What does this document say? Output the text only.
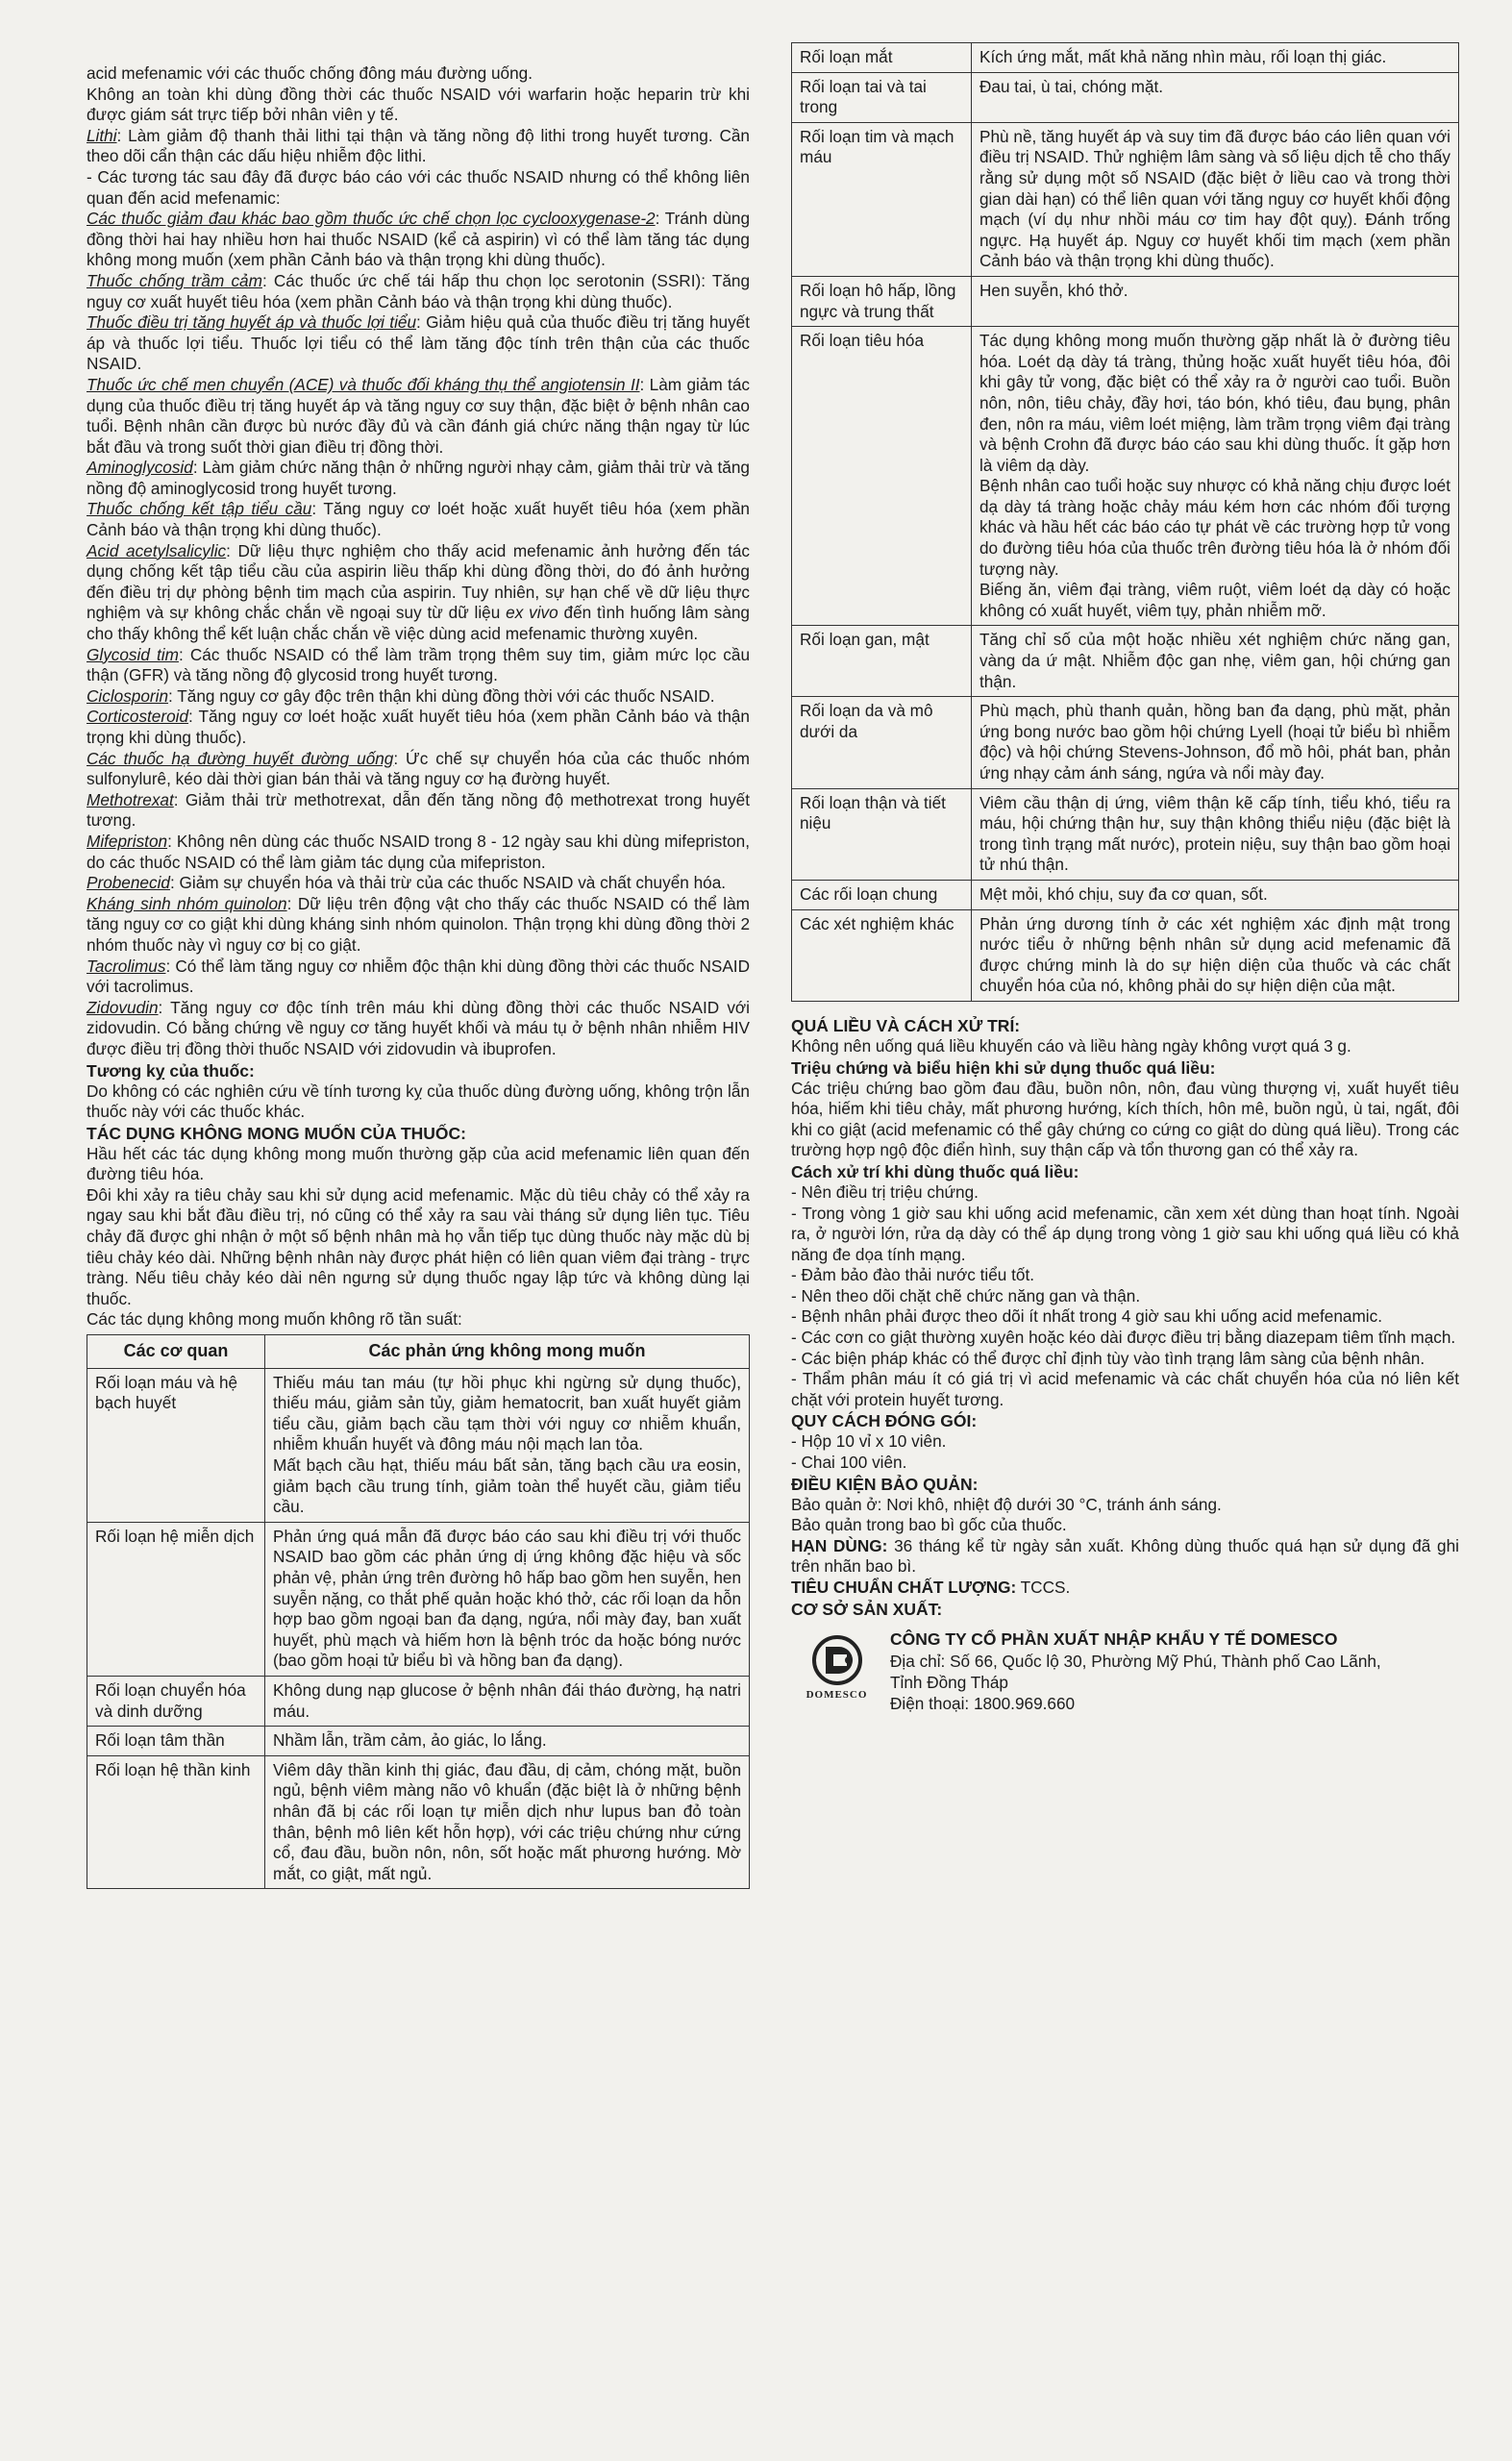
acid mefenamic với các thuốc chống đông máu đường uống.

Không an toàn khi dùng đồng thời các thuốc NSAID với warfarin hoặc heparin trừ khi được giám sát trực tiếp bởi nhân viên y tế.

Lithi: Làm giảm độ thanh thải lithi tại thận và tăng nồng độ lithi trong huyết tương. Cần theo dõi cẩn thận các dấu hiệu nhiễm độc lithi.

- Các tương tác sau đây đã được báo cáo với các thuốc NSAID nhưng có thể không liên quan đến acid mefenamic:

Các thuốc giảm đau khác bao gồm thuốc ức chế chọn lọc cyclooxygenase-2: Tránh dùng đồng thời hai hay nhiều hơn hai thuốc NSAID (kể cả aspirin) vì có thể làm tăng tác dụng không mong muốn (xem phần Cảnh báo và thận trọng khi dùng thuốc).

Thuốc chống trầm cảm: Các thuốc ức chế tái hấp thu chọn lọc serotonin (SSRI): Tăng nguy cơ xuất huyết tiêu hóa (xem phần Cảnh báo và thận trọng khi dùng thuốc).

Thuốc điều trị tăng huyết áp và thuốc lợi tiểu: Giảm hiệu quả của thuốc điều trị tăng huyết áp và thuốc lợi tiểu. Thuốc lợi tiểu có thể làm tăng độc tính trên thận của các thuốc NSAID.

Thuốc ức chế men chuyển (ACE) và thuốc đối kháng thụ thể angiotensin II: Làm giảm tác dụng của thuốc điều trị tăng huyết áp và tăng nguy cơ suy thận, đặc biệt ở bệnh nhân cao tuổi. Bệnh nhân cần được bù nước đầy đủ và cần đánh giá chức năng thận ngay từ lúc bắt đầu và trong suốt thời gian điều trị đồng thời.

Aminoglycosid: Làm giảm chức năng thận ở những người nhạy cảm, giảm thải trừ và tăng nồng độ aminoglycosid trong huyết tương.

Thuốc chống kết tập tiểu cầu: Tăng nguy cơ loét hoặc xuất huyết tiêu hóa (xem phần Cảnh báo và thận trọng khi dùng thuốc).

Acid acetylsalicylic: Dữ liệu thực nghiệm cho thấy acid mefenamic ảnh hưởng đến tác dụng chống kết tập tiểu cầu của aspirin liều thấp khi dùng đồng thời, do đó ảnh hưởng đến điều trị dự phòng bệnh tim mạch của aspirin. Tuy nhiên, sự hạn chế về dữ liệu thực nghiệm và sự không chắc chắn về ngoại suy từ dữ liệu ex vivo đến tình huống lâm sàng cho thấy không thể kết luận chắc chắn về việc dùng acid mefenamic thường xuyên.

Glycosid tim: Các thuốc NSAID có thể làm trầm trọng thêm suy tim, giảm mức lọc cầu thận (GFR) và tăng nồng độ glycosid trong huyết tương.

Ciclosporin: Tăng nguy cơ gây độc trên thận khi dùng đồng thời với các thuốc NSAID.

Corticosteroid: Tăng nguy cơ loét hoặc xuất huyết tiêu hóa (xem phần Cảnh báo và thận trọng khi dùng thuốc).

Các thuốc hạ đường huyết đường uống: Ức chế sự chuyển hóa của các thuốc nhóm sulfonylurê, kéo dài thời gian bán thải và tăng nguy cơ hạ đường huyết.

Methotrexat: Giảm thải trừ methotrexat, dẫn đến tăng nồng độ methotrexat trong huyết tương.

Mifepriston: Không nên dùng các thuốc NSAID trong 8 - 12 ngày sau khi dùng mifepriston, do các thuốc NSAID có thể làm giảm tác dụng của mifepriston.

Probenecid: Giảm sự chuyển hóa và thải trừ của các thuốc NSAID và chất chuyển hóa.

Kháng sinh nhóm quinolon: Dữ liệu trên động vật cho thấy các thuốc NSAID có thể làm tăng nguy cơ co giật khi dùng kháng sinh nhóm quinolon. Thận trọng khi dùng đồng thời 2 nhóm thuốc này vì nguy cơ bị co giật.

Tacrolimus: Có thể làm tăng nguy cơ nhiễm độc thận khi dùng đồng thời các thuốc NSAID với tacrolimus.

Zidovudin: Tăng nguy cơ độc tính trên máu khi dùng đồng thời các thuốc NSAID với zidovudin. Có bằng chứng về nguy cơ tăng huyết khối và máu tụ ở bệnh nhân nhiễm HIV được điều trị đồng thời thuốc NSAID với zidovudin và ibuprofen.

Tương kỵ của thuốc:

Do không có các nghiên cứu về tính tương kỵ của thuốc dùng đường uống, không trộn lẫn thuốc này với các thuốc khác.

TÁC DỤNG KHÔNG MONG MUỐN CỦA THUỐC:

Hầu hết các tác dụng không mong muốn thường gặp của acid mefenamic liên quan đến đường tiêu hóa.

Đôi khi xảy ra tiêu chảy sau khi sử dụng acid mefenamic. Mặc dù tiêu chảy có thể xảy ra ngay sau khi bắt đầu điều trị, nó cũng có thể xảy ra sau vài tháng sử dụng liên tục. Tiêu chảy đã được ghi nhận ở một số bệnh nhân mà họ vẫn tiếp tục dùng thuốc này mặc dù bị tiêu chảy kéo dài. Những bệnh nhân này được phát hiện có liên quan viêm đại tràng - trực tràng. Nếu tiêu chảy kéo dài nên ngưng sử dụng thuốc ngay lập tức và không dùng lại thuốc.

Các tác dụng không mong muốn không rõ tần suất:

Các cơ quan	Các phản ứng không mong muốn
Rối loạn máu và hệ bạch huyết	Thiếu máu tan máu (tự hồi phục khi ngừng sử dụng thuốc), thiếu máu, giảm sản tủy, giảm hematocrit, ban xuất huyết giảm tiểu cầu, giảm bạch cầu tạm thời với nguy cơ nhiễm khuẩn, nhiễm khuẩn huyết và đông máu nội mạch lan tỏa.

Mất bạch cầu hạt, thiếu máu bất sản, tăng bạch cầu ưa eosin, giảm bạch cầu trung tính, giảm toàn thể huyết cầu, giảm tiểu cầu.

Rối loạn hệ miễn dịch	Phản ứng quá mẫn đã được báo cáo sau khi điều trị với thuốc NSAID bao gồm các phản ứng dị ứng không đặc hiệu và sốc phản vệ, phản ứng trên đường hô hấp bao gồm hen suyễn, hen suyễn nặng, co thắt phế quản hoặc khó thở, các rối loạn da hỗn hợp bao gồm ngoại ban đa dạng, ngứa, nổi mày đay, ban xuất huyết, phù mạch và hiếm hơn là bệnh tróc da hoặc bóng nước (bao gồm hoại tử biểu bì và hồng ban đa dạng).

Rối loạn chuyển hóa và dinh dưỡng	Không dung nạp glucose ở bệnh nhân đái tháo đường, hạ natri máu.

Rối loạn tâm thần	Nhầm lẫn, trầm cảm, ảo giác, lo lắng.

Rối loạn hệ thần kinh	Viêm dây thần kinh thị giác, đau đầu, dị cảm, chóng mặt, buồn ngủ, bệnh viêm màng não vô khuẩn (đặc biệt là ở những bệnh nhân đã bị các rối loạn tự miễn dịch như lupus ban đỏ toàn thân, bệnh mô liên kết hỗn hợp), với các triệu chứng như cứng cổ, đau đầu, buồn nôn, nôn, sốt hoặc mất phương hướng. Mờ mắt, co giật, mất ngủ.

Rối loạn mắt	Kích ứng mắt, mất khả năng nhìn màu, rối loạn thị giác.

Rối loạn tai và tai trong	Đau tai, ù tai, chóng mặt.

Rối loạn tim và mạch máu	Phù nề, tăng huyết áp và suy tim đã được báo cáo liên quan với điều trị NSAID. Thử nghiệm lâm sàng và số liệu dịch tễ cho thấy rằng sử dụng một số NSAID (đặc biệt ở liều cao và trong thời gian dài hạn) có thể liên quan với tăng nguy cơ huyết khối động mạch (ví dụ như nhồi máu cơ tim hay đột quỵ). Đánh trống ngực. Hạ huyết áp. Nguy cơ huyết khối tim mạch (xem phần Cảnh báo và thận trọng khi dùng thuốc).

Rối loạn hô hấp, lồng ngực và trung thất	Hen suyễn, khó thở.

Rối loạn tiêu hóa	Tác dụng không mong muốn thường gặp nhất là ở đường tiêu hóa. Loét dạ dày tá tràng, thủng hoặc xuất huyết tiêu hóa, đôi khi gây tử vong, đặc biệt có thể xảy ra ở người cao tuổi. Buồn nôn, nôn, tiêu chảy, đầy hơi, táo bón, khó tiêu, đau bụng, phân đen, nôn ra máu, viêm loét miệng, làm trầm trọng viêm đại tràng và bệnh Crohn đã được báo cáo sau khi dùng thuốc. Ít gặp hơn là viêm dạ dày.

Bệnh nhân cao tuổi hoặc suy nhược có khả năng chịu được loét dạ dày tá tràng hoặc chảy máu kém hơn các nhóm đối tượng khác và hầu hết các báo cáo tự phát về các trường hợp tử vong do đường tiêu hóa của thuốc trên đường tiêu hóa là ở nhóm đối tượng này.

Biếng ăn, viêm đại tràng, viêm ruột, viêm loét dạ dày có hoặc không có xuất huyết, viêm tụy, phản nhiễm mỡ.

Rối loạn gan, mật	Tăng chỉ số của một hoặc nhiều xét nghiệm chức năng gan, vàng da ứ mật. Nhiễm độc gan nhẹ, viêm gan, hội chứng gan thận.

Rối loạn da và mô dưới da	Phù mạch, phù thanh quản, hồng ban đa dạng, phù mặt, phản ứng bong nước bao gồm hội chứng Lyell (hoại tử biểu bì nhiễm độc) và hội chứng Stevens-Johnson, đổ mồ hôi, phát ban, phản ứng nhạy cảm ánh sáng, ngứa và nổi mày đay.

Rối loạn thận và tiết niệu	Viêm cầu thận dị ứng, viêm thận kẽ cấp tính, tiểu khó, tiểu ra máu, hội chứng thận hư, suy thận không thiểu niệu (đặc biệt là trong tình trạng mất nước), protein niệu, suy thận bao gồm hoại tử nhú thận.

Các rối loạn chung	Mệt mỏi, khó chịu, suy đa cơ quan, sốt.

Các xét nghiệm khác	Phản ứng dương tính ở các xét nghiệm xác định mật trong nước tiểu ở những bệnh nhân sử dụng acid mefenamic đã được chứng minh là do sự hiện diện của thuốc và các chất chuyển hóa của nó, không phải do sự hiện diện của mật.

QUÁ LIỀU VÀ CÁCH XỬ TRÍ:

Không nên uống quá liều khuyến cáo và liều hàng ngày không vượt quá 3 g.

Triệu chứng và biểu hiện khi sử dụng thuốc quá liều:

Các triệu chứng bao gồm đau đầu, buồn nôn, nôn, đau vùng thượng vị, xuất huyết tiêu hóa, hiếm khi tiêu chảy, mất phương hướng, kích thích, hôn mê, buồn ngủ, ù tai, ngất, đôi khi co giật (acid mefenamic có thể gây chứng co cứng co giật do dùng quá liều). Trong các trường hợp ngộ độc điển hình, suy thận cấp và tổn thương gan có thể xảy ra.

Cách xử trí khi dùng thuốc quá liều:

- Nên điều trị triệu chứng.

- Trong vòng 1 giờ sau khi uống acid mefenamic, cần xem xét dùng than hoạt tính. Ngoài ra, ở người lớn, rửa dạ dày có thể áp dụng trong vòng 1 giờ sau khi uống quá liều có khả năng đe dọa tính mạng.

- Đảm bảo đào thải nước tiểu tốt.

- Nên theo dõi chặt chẽ chức năng gan và thận.

- Bệnh nhân phải được theo dõi ít nhất trong 4 giờ sau khi uống acid mefenamic.

- Các cơn co giật thường xuyên hoặc kéo dài được điều trị bằng diazepam tiêm tĩnh mạch.

- Các biện pháp khác có thể được chỉ định tùy vào tình trạng lâm sàng của bệnh nhân.

- Thẩm phân máu ít có giá trị vì acid mefenamic và các chất chuyển hóa của nó liên kết chặt với protein huyết tương.

QUY CÁCH ĐÓNG GÓI:

- Hộp 10 vỉ x 10 viên.

- Chai 100 viên.

ĐIỀU KIỆN BẢO QUẢN:

Bảo quản ở: Nơi khô, nhiệt độ dưới 30 °C, tránh ánh sáng.

Bảo quản trong bao bì gốc của thuốc.

HẠN DÙNG: 36 tháng kể từ ngày sản xuất. Không dùng thuốc quá hạn sử dụng đã ghi trên nhãn bao bì.

TIÊU CHUẨN CHẤT LƯỢNG: TCCS.

CƠ SỞ SẢN XUẤT:

DOMESCO
CÔNG TY CỔ PHẦN XUẤT NHẬP KHẨU Y TẾ DOMESCO
Địa chỉ: Số 66, Quốc lộ 30, Phường Mỹ Phú, Thành phố Cao Lãnh,
Tỉnh Đồng Tháp
Điện thoại: 1800.969.660
